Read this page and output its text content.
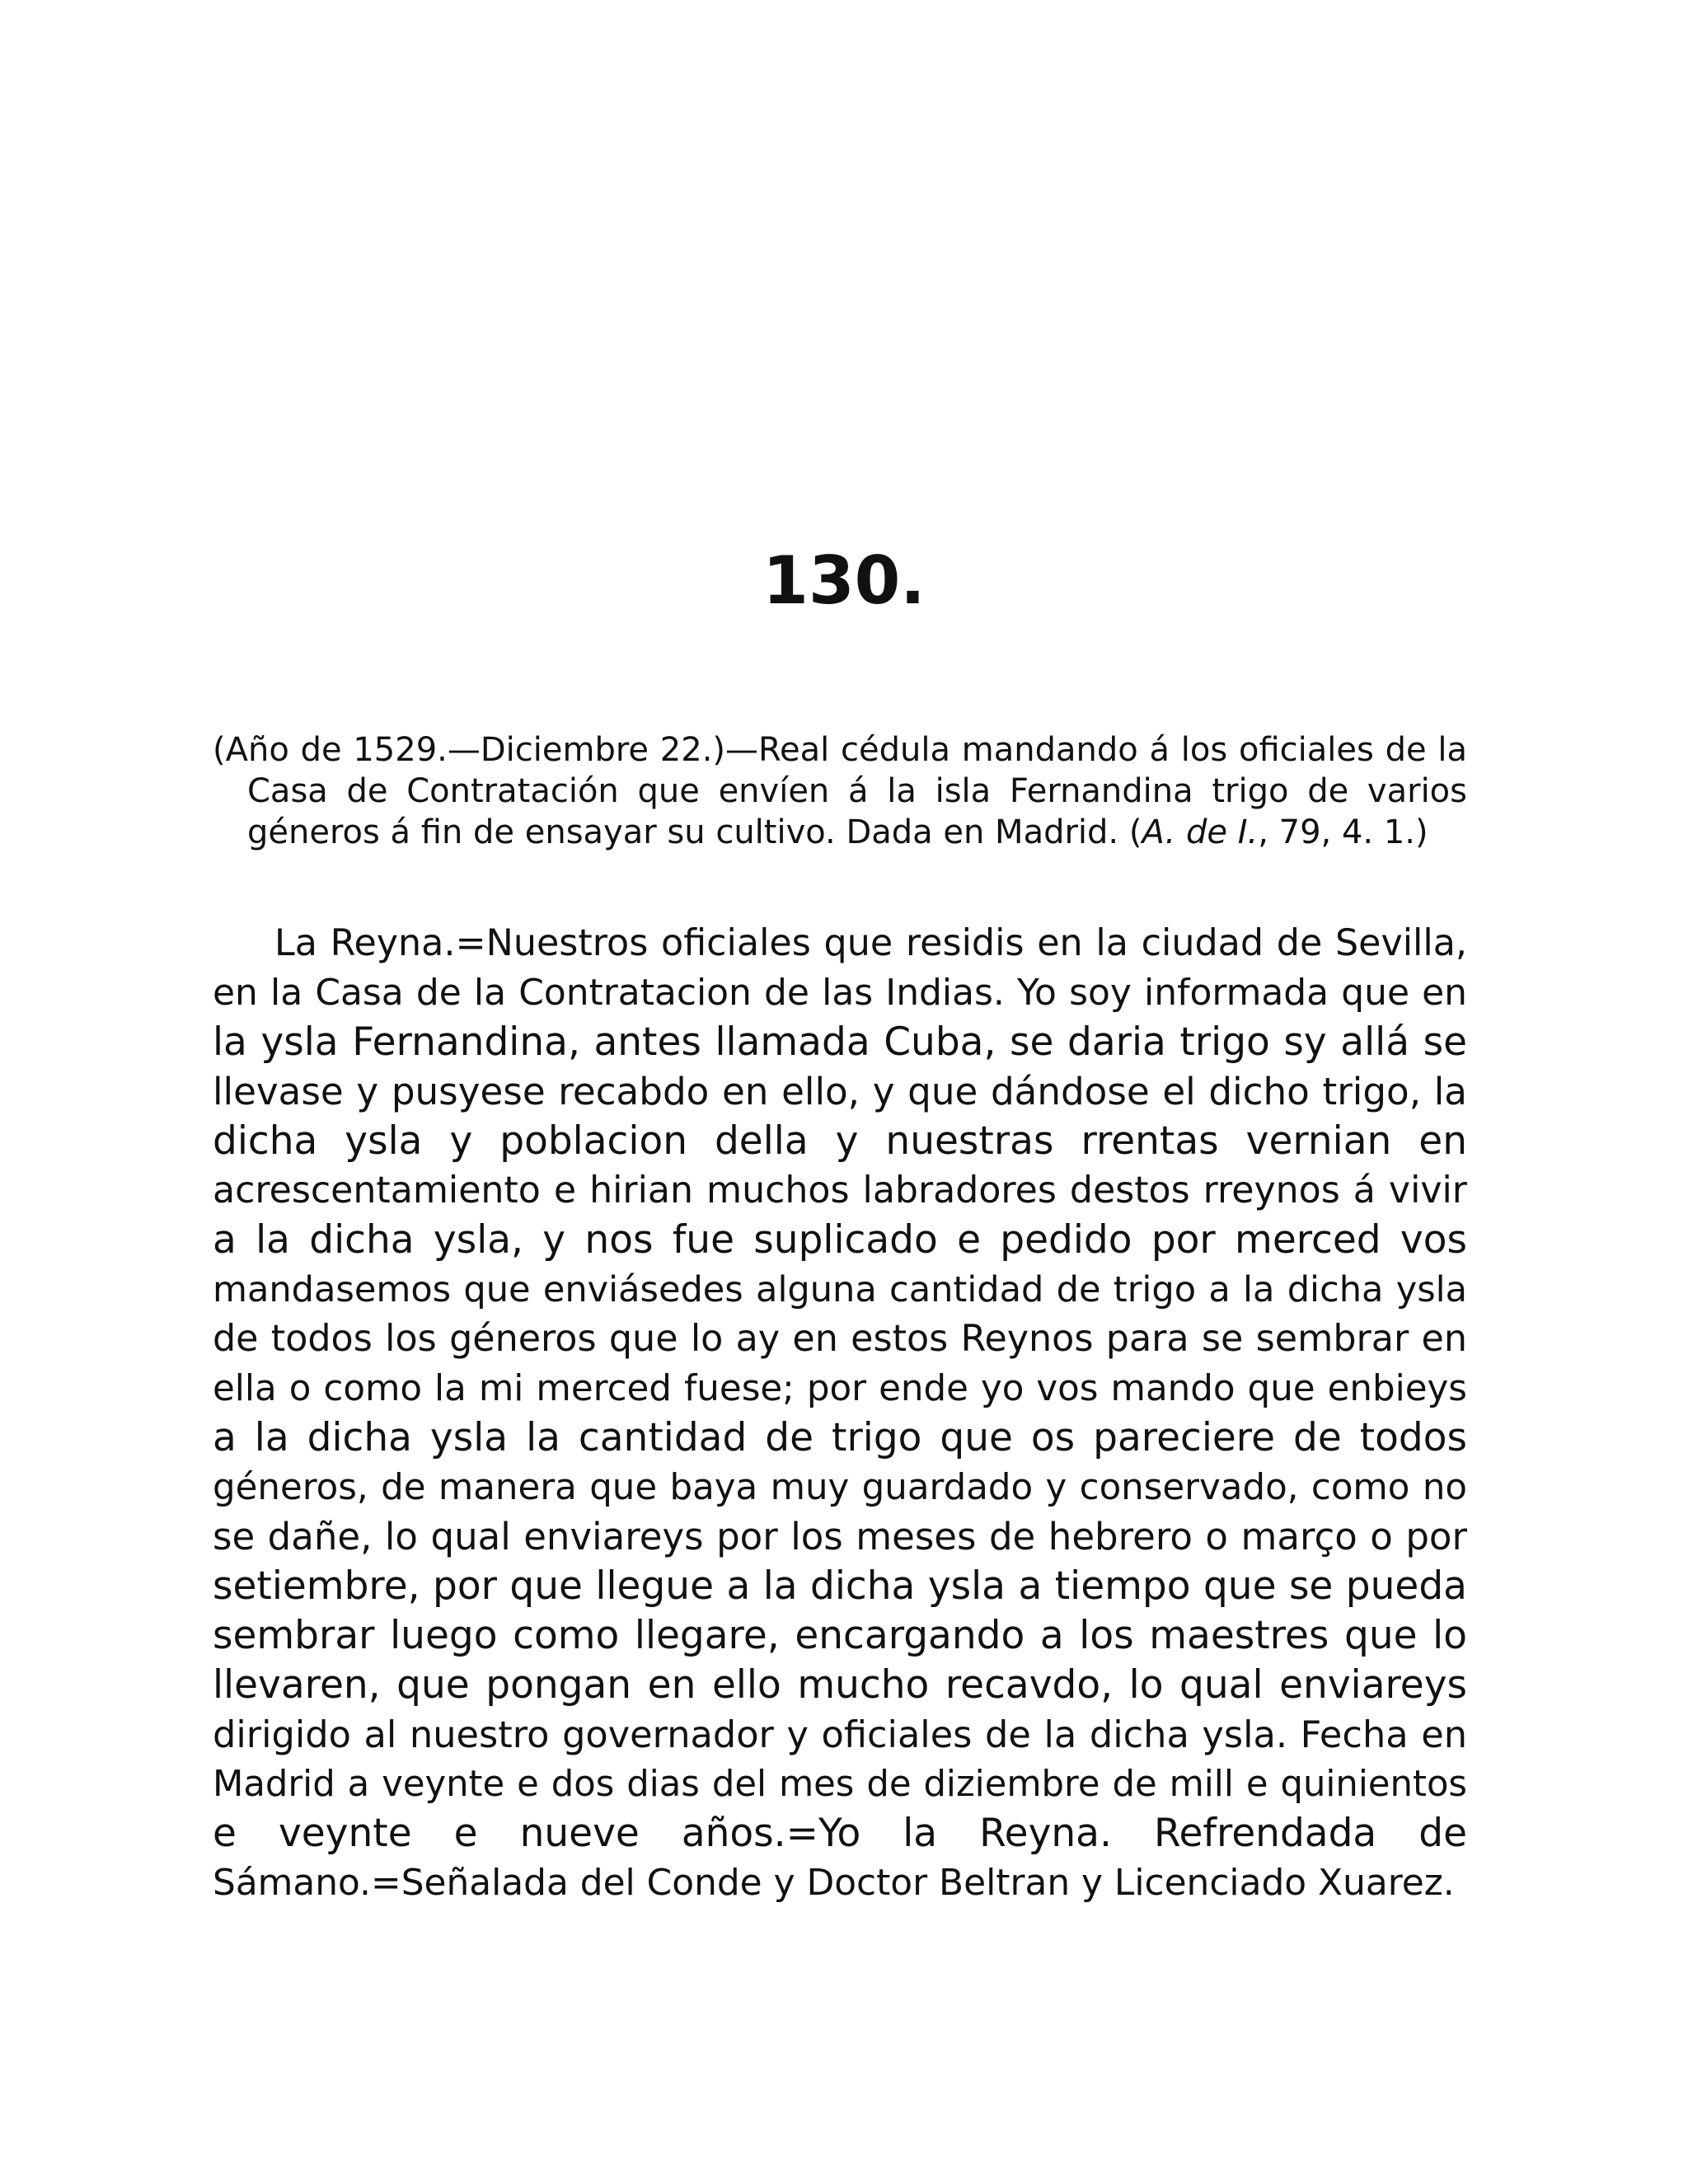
130.

(Año de 1529.—Diciembre 22.)—Real cédula mandando á los oficiales de la Casa de Contratación que envíen á la isla Fernandina trigo de varios géneros á fin de ensayar su cultivo. Dada en Madrid. (A. de I., 79, 4. 1.)

La Reyna.=Nuestros oficiales que residis en la ciudad de Sevilla,
en la Casa de la Contratacion de las Indias. Yo soy informada que en
la ysla Fernandina, antes llamada Cuba, se daria trigo sy allá se
llevase y pusyese recabdo en ello, y que dándose el dicho trigo, la
dicha ysla y poblacion della y nuestras rrentas vernian en
acrescentamiento e hirian muchos labradores destos rreynos á vivir
a la dicha ysla, y nos fue suplicado e pedido por merced vos
mandasemos que enviásedes alguna cantidad de trigo a la dicha ysla
de todos los géneros que lo ay en estos Reynos para se sembrar en
ella o como la mi merced fuese; por ende yo vos mando que enbieys
a la dicha ysla la cantidad de trigo que os pareciere de todos
géneros, de manera que baya muy guardado y conservado, como no
se dañe, lo qual enviareys por los meses de hebrero o março o por
setiembre, por que llegue a la dicha ysla a tiempo que se pueda
sembrar luego como llegare, encargando a los maestres que lo
llevaren, que pongan en ello mucho recavdo, lo qual enviareys
dirigido al nuestro governador y oficiales de la dicha ysla. Fecha en
Madrid a veynte e dos dias del mes de diziembre de mill e quinientos
e veynte e nueve años.=Yo la Reyna. Refrendada de
Sámano.=Señalada del Conde y Doctor Beltran y Licenciado Xuarez.
